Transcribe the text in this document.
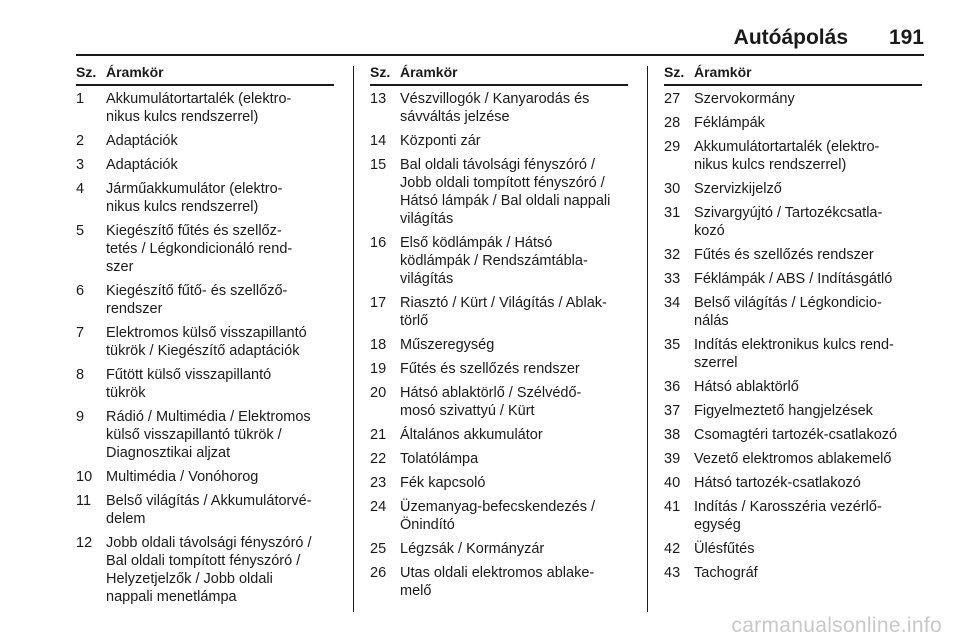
Autóápolás 191
Sz. Áramkör
1	Akkumulátortartalék (elektro-
nikus kulcs rendszerrel)
2	Adaptációk
3	Adaptációk
4	Járműakkumulátor (elektro-
nikus kulcs rendszerrel)
5	Kiegészítő fűtés és szellőz-
tetés / Légkondicionáló rend-
szer
6	Kiegészítő fűtő- és szellőző-
rendszer
7	Elektromos külső visszapillantó
tükrök / Kiegészítő adaptációk
8	Fűtött külső visszapillantó
tükrök
9	Rádió / Multimédia / Elektromos
külső visszapillantó tükrök /
Diagnosztikai aljzat
10 Multimédia / Vonóhorog
11	Belső világítás / Akkumulátorvé-
delem
12 Jobb oldali távolsági fényszóró /
Bal oldali tompított fényszóró /
Helyzetjelzők / Jobb oldali
nappali menetlámpa
Sz. Áramkör
13 Vészvillogók / Kanyarodás és
sávváltás jelzése
14 Központi zár
15 Bal oldali távolsági fényszóró /
Jobb oldali tompított fényszóró /
Hátsó lámpák / Bal oldali nappali
világítás
16 Első ködlámpák / Hátsó
ködlámpák / Rendszámtábla-
világítás
17 Riasztó / Kürt / Világítás / Ablak-
törlő
18 Műszeregység
19 Fűtés és szellőzés rendszer
20 Hátsó ablaktörlő / Szélvédő-
mosó szivattyú / Kürt
21 Általános akkumulátor
22 Tolatólámpa
23 Fék kapcsoló
24 Üzemanyag-befecskendezés /
Önindító
25 Légzsák / Kormányzár
26 Utas oldali elektromos ablake-
melő
Sz. Áramkör
27 Szervokormány
28 Féklámpák
29 Akkumulátortartalék (elektro-
nikus kulcs rendszerrel)
30 Szervizkijelző
31 Szivargyújtó / Tartozékcsatla-
kozó
32 Fűtés és szellőzés rendszer
33 Féklámpák / ABS / Indításgátló
34 Belső világítás / Légkondicio-
nálás
35 Indítás elektronikus kulcs rend-
szerrel
36 Hátsó ablaktörlő
37 Figyelmeztető hangjelzések
38 Csomagtéri tartozék-csatlakozó
39 Vezető elektromos ablakemelő
40 Hátsó tartozék-csatlakozó
41 Indítás / Karosszéria vezérlő-
egység
42 Ülésfűtés
43 Tachográf
carmanualsonline.info
